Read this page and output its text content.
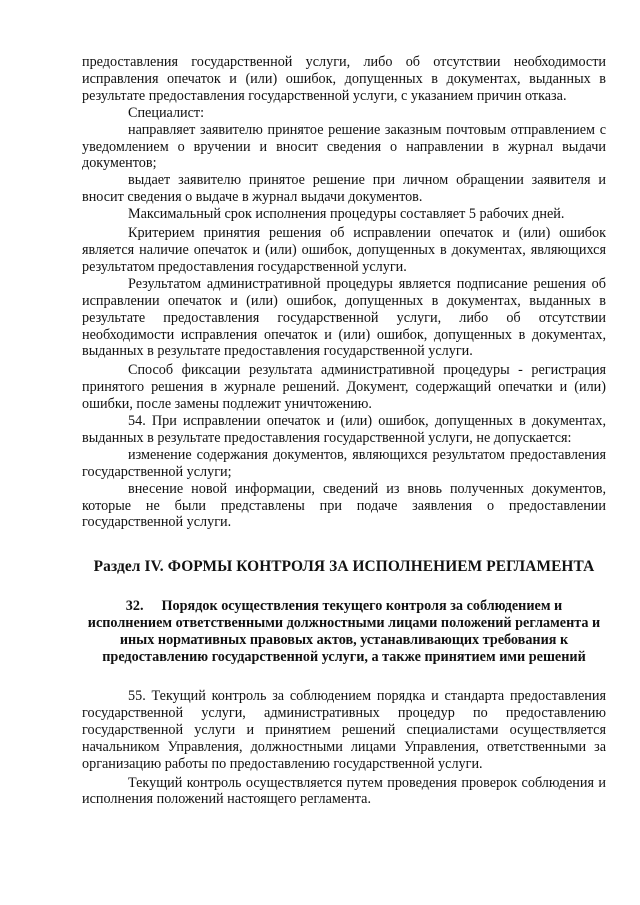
предоставления государственной услуги, либо об отсутствии необходимости исправления опечаток и (или) ошибок, допущенных в документах, выданных в результате предоставления государственной услуги, с указанием причин отказа.

Специалист:

направляет заявителю принятое решение заказным почтовым отправлением с уведомлением о вручении и вносит сведения о направлении в журнал выдачи документов;

выдает заявителю принятое решение при личном обращении заявителя и вносит сведения о выдаче в журнал выдачи документов.

Максимальный срок исполнения процедуры составляет 5 рабочих дней.

Критерием принятия решения об исправлении опечаток и (или) ошибок является наличие опечаток и (или) ошибок, допущенных в документах, являющихся результатом предоставления государственной услуги.

Результатом административной процедуры является подписание решения об исправлении опечаток и (или) ошибок, допущенных в документах, выданных в результате предоставления государственной услуги, либо об отсутствии необходимости исправления опечаток и (или) ошибок, допущенных в документах, выданных в результате предоставления государственной услуги.

Способ фиксации результата административной процедуры - регистрация принятого решения в журнале решений. Документ, содержащий опечатки и (или) ошибки, после замены подлежит уничтожению.

54. При исправлении опечаток и (или) ошибок, допущенных в документах, выданных в результате предоставления государственной услуги, не допускается:

изменение содержания документов, являющихся результатом предоставления государственной услуги;

внесение новой информации, сведений из вновь полученных документов, которые не были представлены при подаче заявления о предоставлении государственной услуги.

Раздел IV. ФОРМЫ КОНТРОЛЯ ЗА ИСПОЛНЕНИЕМ РЕГЛАМЕНТА
32. Порядок осуществления текущего контроля за соблюдением и исполнением ответственными должностными лицами положений регламента и иных нормативных правовых актов, устанавливающих требования к предоставлению государственной услуги, а также принятием ими решений

55. Текущий контроль за соблюдением порядка и стандарта предоставления государственной услуги, административных процедур по предоставлению государственной услуги и принятием решений специалистами осуществляется начальником Управления, должностными лицами Управления, ответственными за организацию работы по предоставлению государственной услуги.

Текущий контроль осуществляется путем проведения проверок соблюдения и исполнения положений настоящего регламента.
